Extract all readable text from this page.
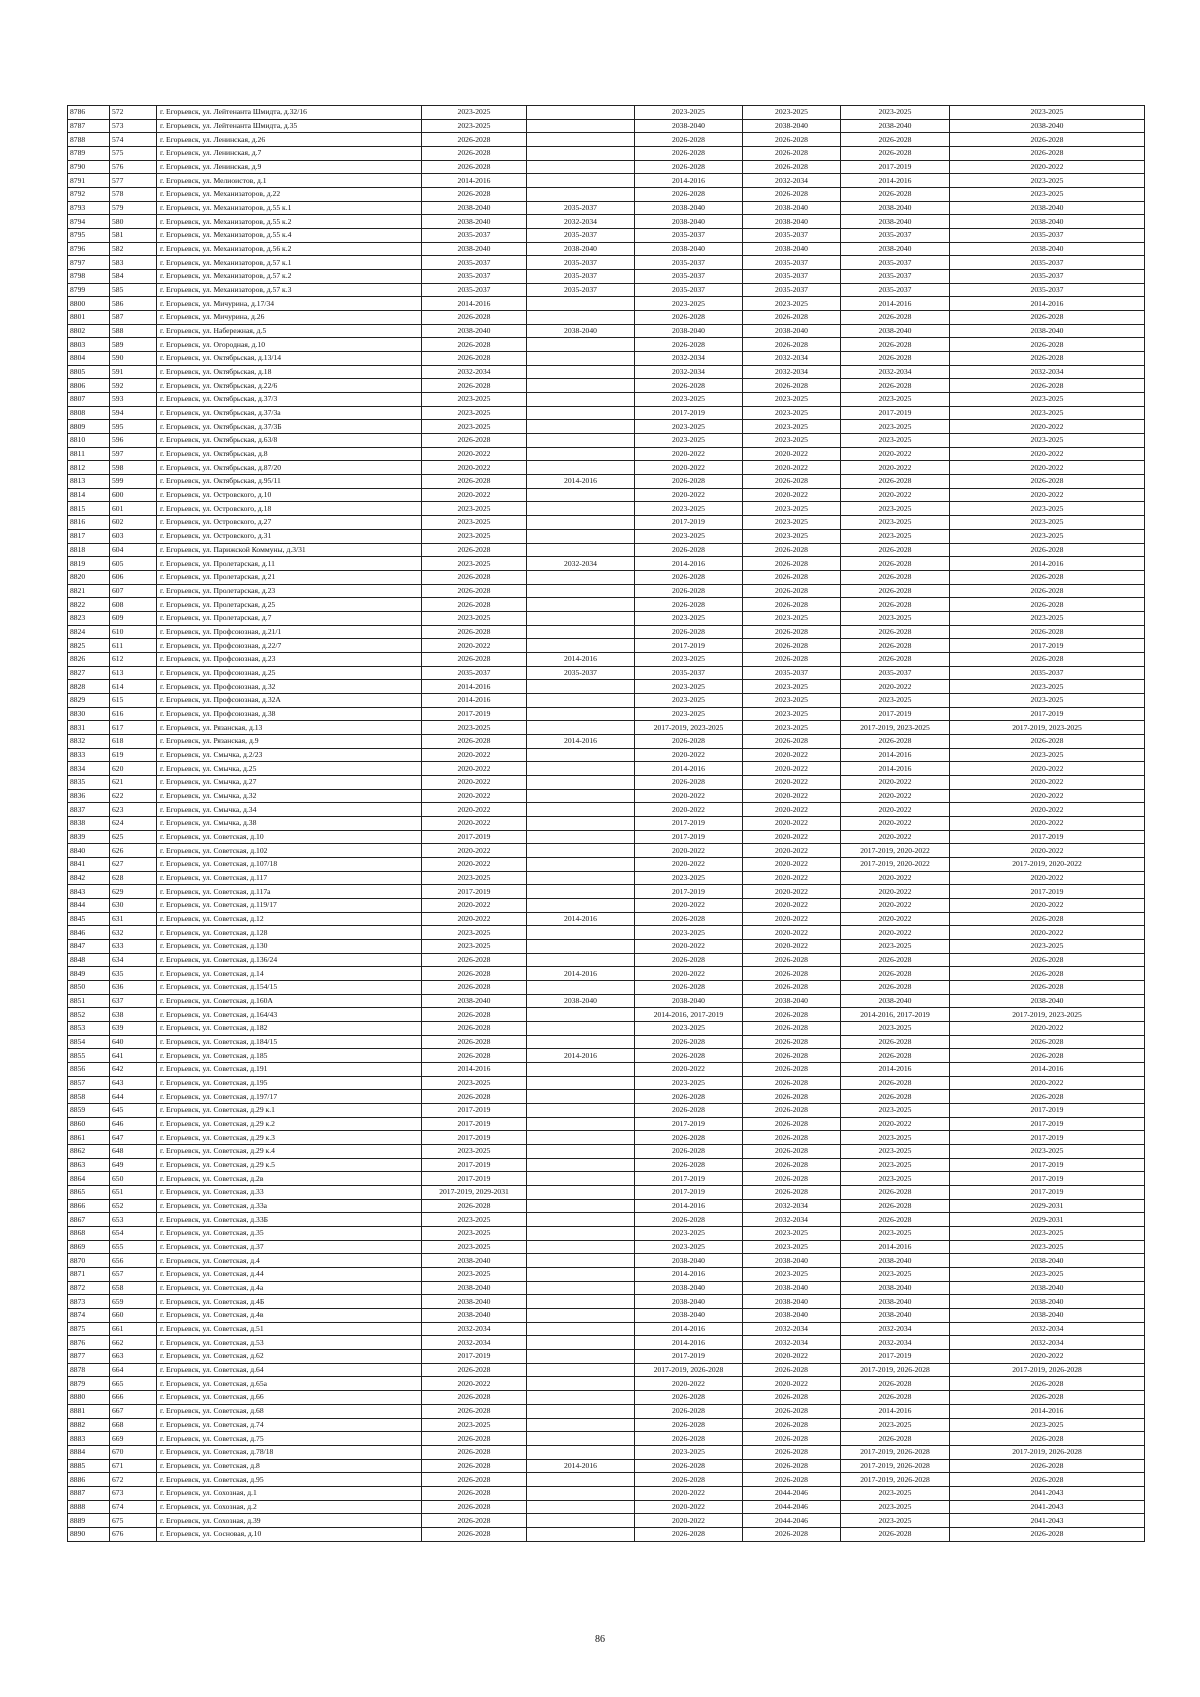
8786	572	г. Егорьевск, ул. Лейтенанта Шмидта, д.32/16	2023-2025		2023-2025	2023-2025	2023-2025	2023-2025
8787	573	г. Егорьевск, ул. Лейтенанта Шмидта, д.35	2023-2025		2038-2040	2038-2040	2038-2040	2038-2040
8788	574	г. Егорьевск, ул. Ленинская, д.26	2026-2028		2026-2028	2026-2028	2026-2028	2026-2028
8789	575	г. Егорьевск, ул. Ленинская, д.7	2026-2028		2026-2028	2026-2028	2026-2028	2026-2028
8790	576	г. Егорьевск, ул. Ленинская, д.9	2026-2028		2026-2028	2026-2028	2017-2019	2020-2022
8791	577	г. Егорьевск, ул. Мелиоистов, д.1	2014-2016		2014-2016	2032-2034	2014-2016	2023-2025
8792	578	г. Егорьевск, ул. Механизаторов, д.22	2026-2028		2026-2028	2026-2028	2026-2028	2023-2025
8793	579	г. Егорьевск, ул. Механизаторов, д.55 к.1	2038-2040	2035-2037	2038-2040	2038-2040	2038-2040	2038-2040
8794	580	г. Егорьевск, ул. Механизаторов, д.55 к.2	2038-2040	2032-2034	2038-2040	2038-2040	2038-2040	2038-2040
8795	581	г. Егорьевск, ул. Механизаторов, д.55 к.4	2035-2037	2035-2037	2035-2037	2035-2037	2035-2037	2035-2037
8796	582	г. Егорьевск, ул. Механизаторов, д.56 к.2	2038-2040	2038-2040	2038-2040	2038-2040	2038-2040	2038-2040
8797	583	г. Егорьевск, ул. Механизаторов, д.57 к.1	2035-2037	2035-2037	2035-2037	2035-2037	2035-2037	2035-2037
8798	584	г. Егорьевск, ул. Механизаторов, д.57 к.2	2035-2037	2035-2037	2035-2037	2035-2037	2035-2037	2035-2037
8799	585	г. Егорьевск, ул. Механизаторов, д.57 к.3	2035-2037	2035-2037	2035-2037	2035-2037	2035-2037	2035-2037
8800	586	г. Егорьевск, ул. Мичурина, д.17/34	2014-2016		2023-2025	2023-2025	2014-2016	2014-2016
8801	587	г. Егорьевск, ул. Мичурина, д.26	2026-2028		2026-2028	2026-2028	2026-2028	2026-2028
8802	588	г. Егорьевск, ул. Набережная, д.5	2038-2040	2038-2040	2038-2040	2038-2040	2038-2040	2038-2040
8803	589	г. Егорьевск, ул. Огородная, д.10	2026-2028		2026-2028	2026-2028	2026-2028	2026-2028
8804	590	г. Егорьевск, ул. Октябрьская, д.13/14	2026-2028		2032-2034	2032-2034	2026-2028	2026-2028
8805	591	г. Егорьевск, ул. Октябрьская, д.18	2032-2034		2032-2034	2032-2034	2032-2034	2032-2034
8806	592	г. Егорьевск, ул. Октябрьская, д.22/6	2026-2028		2026-2028	2026-2028	2026-2028	2026-2028
8807	593	г. Егорьевск, ул. Октябрьская, д.37/3	2023-2025		2023-2025	2023-2025	2023-2025	2023-2025
8808	594	г. Егорьевск, ул. Октябрьская, д.37/3а	2023-2025		2017-2019	2023-2025	2017-2019	2023-2025
8809	595	г. Егорьевск, ул. Октябрьская, д.37/3Б	2023-2025		2023-2025	2023-2025	2023-2025	2020-2022
8810	596	г. Егорьевск, ул. Октябрьская, д.63/8	2026-2028		2023-2025	2023-2025	2023-2025	2023-2025
8811	597	г. Егорьевск, ул. Октябрьская, д.8	2020-2022		2020-2022	2020-2022	2020-2022	2020-2022
8812	598	г. Егорьевск, ул. Октябрьская, д.87/20	2020-2022		2020-2022	2020-2022	2020-2022	2020-2022
8813	599	г. Егорьевск, ул. Октябрьская, д.95/11	2026-2028	2014-2016	2026-2028	2026-2028	2026-2028	2026-2028
8814	600	г. Егорьевск, ул. Островского, д.10	2020-2022		2020-2022	2020-2022	2020-2022	2020-2022
8815	601	г. Егорьевск, ул. Островского, д.18	2023-2025		2023-2025	2023-2025	2023-2025	2023-2025
8816	602	г. Егорьевск, ул. Островского, д.27	2023-2025		2017-2019	2023-2025	2023-2025	2023-2025
8817	603	г. Егорьевск, ул. Островского, д.31	2023-2025		2023-2025	2023-2025	2023-2025	2023-2025
8818	604	г. Егорьевск, ул. Парижской Коммуны, д.3/31	2026-2028		2026-2028	2026-2028	2026-2028	2026-2028
8819	605	г. Егорьевск, ул. Пролетарская, д.11	2023-2025	2032-2034	2014-2016	2026-2028	2026-2028	2014-2016
8820	606	г. Егорьевск, ул. Пролетарская, д.21	2026-2028		2026-2028	2026-2028	2026-2028	2026-2028
8821	607	г. Егорьевск, ул. Пролетарская, д.23	2026-2028		2026-2028	2026-2028	2026-2028	2026-2028
8822	608	г. Егорьевск, ул. Пролетарская, д.25	2026-2028		2026-2028	2026-2028	2026-2028	2026-2028
8823	609	г. Егорьевск, ул. Пролетарская, д.7	2023-2025		2023-2025	2023-2025	2023-2025	2023-2025
8824	610	г. Егорьевск, ул. Профсоюзная, д.21/1	2026-2028		2026-2028	2026-2028	2026-2028	2026-2028
8825	611	г. Егорьевск, ул. Профсоюзная, д.22/7	2020-2022		2017-2019	2026-2028	2026-2028	2017-2019
8826	612	г. Егорьевск, ул. Профсоюзная, д.23	2026-2028	2014-2016	2023-2025	2026-2028	2026-2028	2026-2028
8827	613	г. Егорьевск, ул. Профсоюзная, д.25	2035-2037	2035-2037	2035-2037	2035-2037	2035-2037	2035-2037
8828	614	г. Егорьевск, ул. Профсоюзная, д.32	2014-2016		2023-2025	2023-2025	2020-2022	2023-2025
8829	615	г. Егорьевск, ул. Профсоюзная, д.32А	2014-2016		2023-2025	2023-2025	2023-2025	2023-2025
8830	616	г. Егорьевск, ул. Профсоюзная, д.38	2017-2019		2023-2025	2023-2025	2017-2019	2017-2019
8831	617	г. Егорьевск, ул. Рязанская, д.13	2023-2025		2017-2019, 2023-2025	2023-2025	2017-2019, 2023-2025	2017-2019, 2023-2025
8832	618	г. Егорьевск, ул. Рязанская, д.9	2026-2028	2014-2016	2026-2028	2026-2028	2026-2028	2026-2028
8833	619	г. Егорьевск, ул. Смычка, д.2/23	2020-2022		2020-2022	2020-2022	2014-2016	2023-2025
8834	620	г. Егорьевск, ул. Смычка, д.25	2020-2022		2014-2016	2020-2022	2014-2016	2020-2022
8835	621	г. Егорьевск, ул. Смычка, д.27	2020-2022		2026-2028	2020-2022	2020-2022	2020-2022
8836	622	г. Егорьевск, ул. Смычка, д.32	2020-2022		2020-2022	2020-2022	2020-2022	2020-2022
8837	623	г. Егорьевск, ул. Смычка, д.34	2020-2022		2020-2022	2020-2022	2020-2022	2020-2022
8838	624	г. Егорьевск, ул. Смычка, д.38	2020-2022		2017-2019	2020-2022	2020-2022	2020-2022
8839	625	г. Егорьевск, ул. Советская, д.10	2017-2019		2017-2019	2020-2022	2020-2022	2017-2019
8840	626	г. Егорьевск, ул. Советская, д.102	2020-2022		2020-2022	2020-2022	2017-2019, 2020-2022	2020-2022
8841	627	г. Егорьевск, ул. Советская, д.107/18	2020-2022		2020-2022	2020-2022	2017-2019, 2020-2022	2017-2019, 2020-2022
8842	628	г. Егорьевск, ул. Советская, д.117	2023-2025		2023-2025	2020-2022	2020-2022	2020-2022
8843	629	г. Егорьевск, ул. Советская, д.117а	2017-2019		2017-2019	2020-2022	2020-2022	2017-2019
8844	630	г. Егорьевск, ул. Советская, д.119/17	2020-2022		2020-2022	2020-2022	2020-2022	2020-2022
8845	631	г. Егорьевск, ул. Советская, д.12	2020-2022	2014-2016	2026-2028	2020-2022	2020-2022	2026-2028
8846	632	г. Егорьевск, ул. Советская, д.128	2023-2025		2023-2025	2020-2022	2020-2022	2020-2022
8847	633	г. Егорьевск, ул. Советская, д.130	2023-2025		2020-2022	2020-2022	2023-2025	2023-2025
8848	634	г. Егорьевск, ул. Советская, д.136/24	2026-2028		2026-2028	2026-2028	2026-2028	2026-2028
8849	635	г. Егорьевск, ул. Советская, д.14	2026-2028	2014-2016	2020-2022	2026-2028	2026-2028	2026-2028
8850	636	г. Егорьевск, ул. Советская, д.154/15	2026-2028		2026-2028	2026-2028	2026-2028	2026-2028
8851	637	г. Егорьевск, ул. Советская, д.160А	2038-2040	2038-2040	2038-2040	2038-2040	2038-2040	2038-2040
8852	638	г. Егорьевск, ул. Советская, д.164/43	2026-2028		2014-2016, 2017-2019	2026-2028	2014-2016, 2017-2019	2017-2019, 2023-2025
8853	639	г. Егорьевск, ул. Советская, д.182	2026-2028		2023-2025	2026-2028	2023-2025	2020-2022
8854	640	г. Егорьевск, ул. Советская, д.184/15	2026-2028		2026-2028	2026-2028	2026-2028	2026-2028
8855	641	г. Егорьевск, ул. Советская, д.185	2026-2028	2014-2016	2026-2028	2026-2028	2026-2028	2026-2028
8856	642	г. Егорьевск, ул. Советская, д.191	2014-2016		2020-2022	2026-2028	2014-2016	2014-2016
8857	643	г. Егорьевск, ул. Советская, д.195	2023-2025		2023-2025	2026-2028	2026-2028	2020-2022
8858	644	г. Егорьевск, ул. Советская, д.197/17	2026-2028		2026-2028	2026-2028	2026-2028	2026-2028
8859	645	г. Егорьевск, ул. Советская, д.29 к.1	2017-2019		2026-2028	2026-2028	2023-2025	2017-2019
8860	646	г. Егорьевск, ул. Советская, д.29 к.2	2017-2019		2017-2019	2026-2028	2020-2022	2017-2019
8861	647	г. Егорьевск, ул. Советская, д.29 к.3	2017-2019		2026-2028	2026-2028	2023-2025	2017-2019
8862	648	г. Егорьевск, ул. Советская, д.29 к.4	2023-2025		2026-2028	2026-2028	2023-2025	2023-2025
8863	649	г. Егорьевск, ул. Советская, д.29 к.5	2017-2019		2026-2028	2026-2028	2023-2025	2017-2019
8864	650	г. Егорьевск, ул. Советская, д.2в	2017-2019		2017-2019	2026-2028	2023-2025	2017-2019
8865	651	г. Егорьевск, ул. Советская, д.33	2017-2019, 2029-2031		2017-2019	2026-2028	2026-2028	2017-2019
8866	652	г. Егорьевск, ул. Советская, д.33а	2026-2028		2014-2016	2032-2034	2026-2028	2029-2031
8867	653	г. Егорьевск, ул. Советская, д.33Б	2023-2025		2026-2028	2032-2034	2026-2028	2029-2031
8868	654	г. Егорьевск, ул. Советская, д.35	2023-2025		2023-2025	2023-2025	2023-2025	2023-2025
8869	655	г. Егорьевск, ул. Советская, д.37	2023-2025		2023-2025	2023-2025	2014-2016	2023-2025
8870	656	г. Егорьевск, ул. Советская, д.4	2038-2040		2038-2040	2038-2040	2038-2040	2038-2040
8871	657	г. Егорьевск, ул. Советская, д.44	2023-2025		2014-2016	2023-2025	2023-2025	2023-2025
8872	658	г. Егорьевск, ул. Советская, д.4а	2038-2040		2038-2040	2038-2040	2038-2040	2038-2040
8873	659	г. Егорьевск, ул. Советская, д.4Б	2038-2040		2038-2040	2038-2040	2038-2040	2038-2040
8874	660	г. Егорьевск, ул. Советская, д.4в	2038-2040		2038-2040	2038-2040	2038-2040	2038-2040
8875	661	г. Егорьевск, ул. Советская, д.51	2032-2034		2014-2016	2032-2034	2032-2034	2032-2034
8876	662	г. Егорьевск, ул. Советская, д.53	2032-2034		2014-2016	2032-2034	2032-2034	2032-2034
8877	663	г. Егорьевск, ул. Советская, д.62	2017-2019		2017-2019	2020-2022	2017-2019	2020-2022
8878	664	г. Егорьевск, ул. Советская, д.64	2026-2028		2017-2019, 2026-2028	2026-2028	2017-2019, 2026-2028	2017-2019, 2026-2028
8879	665	г. Егорьевск, ул. Советская, д.65а	2020-2022		2020-2022	2020-2022	2026-2028	2026-2028
8880	666	г. Егорьевск, ул. Советская, д.66	2026-2028		2026-2028	2026-2028	2026-2028	2026-2028
8881	667	г. Егорьевск, ул. Советская, д.68	2026-2028		2026-2028	2026-2028	2014-2016	2014-2016
8882	668	г. Егорьевск, ул. Советская, д.74	2023-2025		2026-2028	2026-2028	2023-2025	2023-2025
8883	669	г. Егорьевск, ул. Советская, д.75	2026-2028		2026-2028	2026-2028	2026-2028	2026-2028
8884	670	г. Егорьевск, ул. Советская, д.78/18	2026-2028		2023-2025	2026-2028	2017-2019, 2026-2028	2017-2019, 2026-2028
8885	671	г. Егорьевск, ул. Советская, д.8	2026-2028	2014-2016	2026-2028	2026-2028	2017-2019, 2026-2028	2026-2028
8886	672	г. Егорьевск, ул. Советская, д.95	2026-2028		2026-2028	2026-2028	2017-2019, 2026-2028	2026-2028
8887	673	г. Егорьевск, ул. Сохозная, д.1	2026-2028		2020-2022	2044-2046	2023-2025	2041-2043
8888	674	г. Егорьевск, ул. Сохозная, д.2	2026-2028		2020-2022	2044-2046	2023-2025	2041-2043
8889	675	г. Егорьевск, ул. Сохозная, д.39	2026-2028		2020-2022	2044-2046	2023-2025	2041-2043
8890	676	г. Егорьевск, ул. Сосновая, д.10	2026-2028		2026-2028	2026-2028	2026-2028	2026-2028
86
